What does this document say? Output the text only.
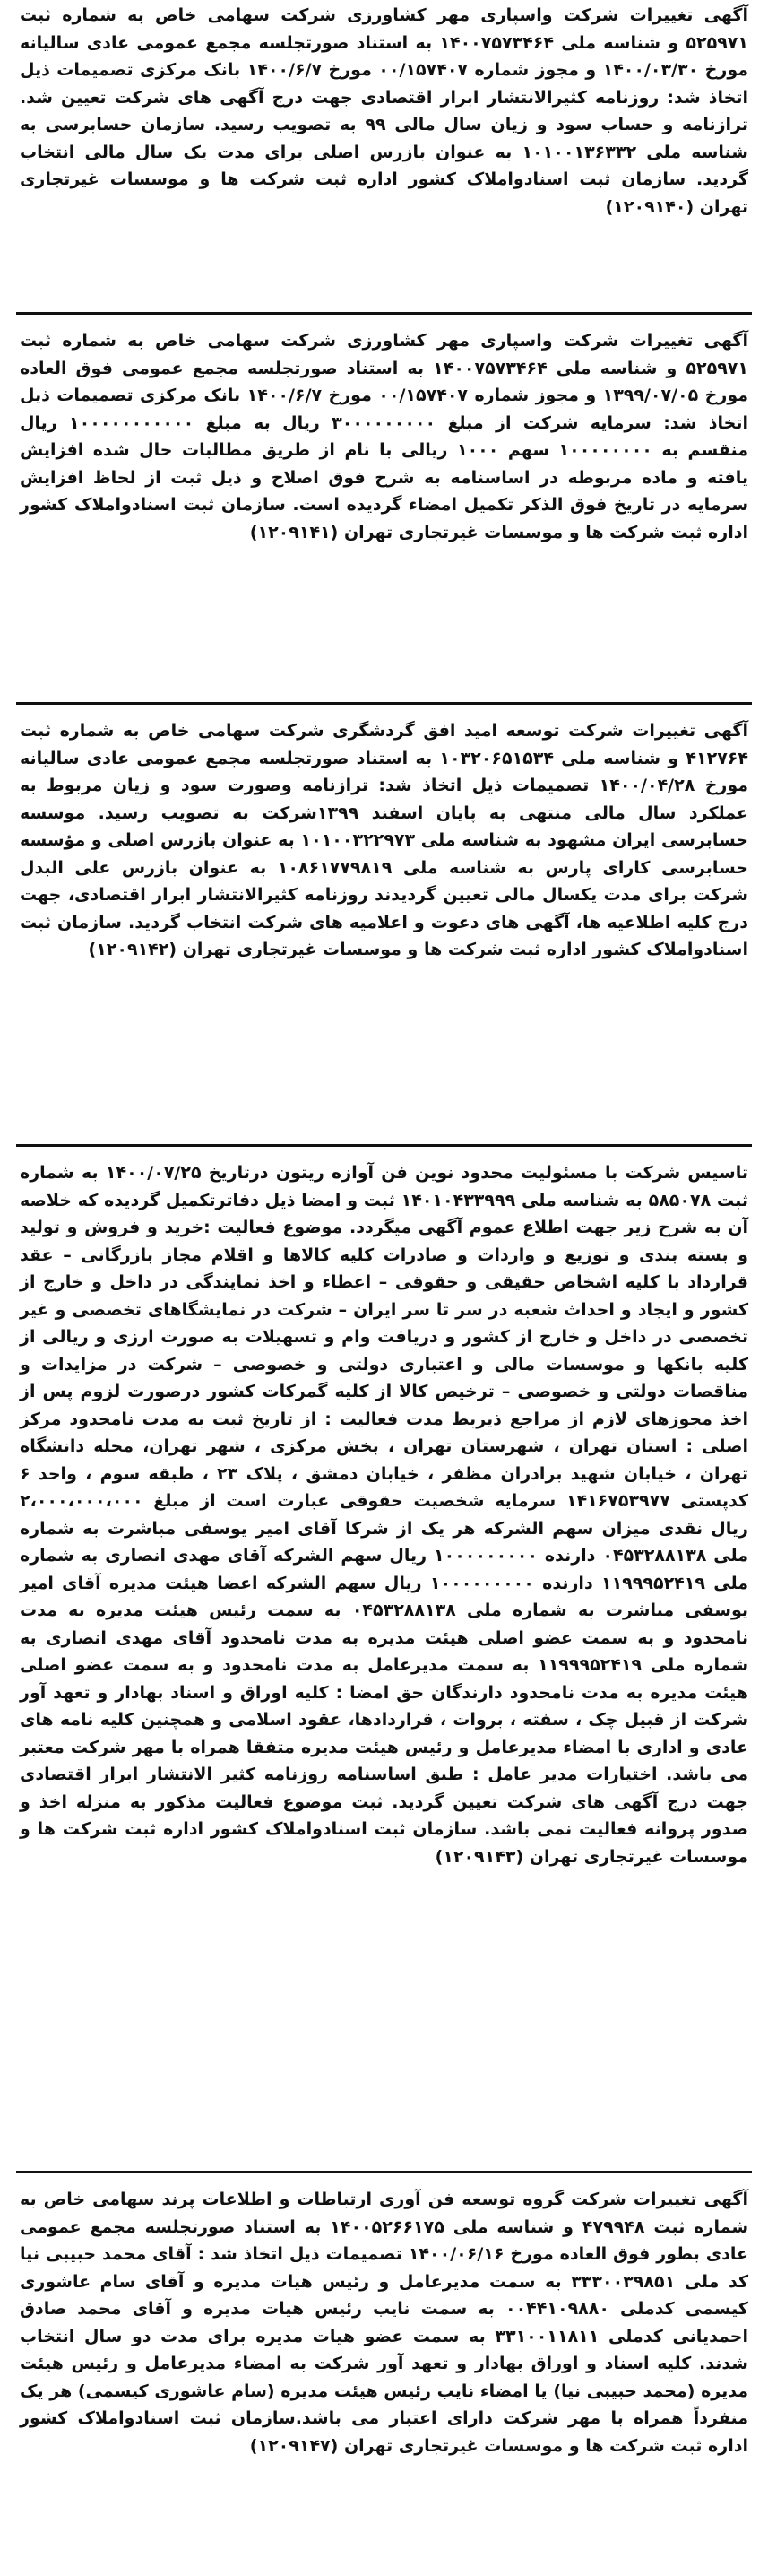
آگهی تغییرات شرکت واسپاری مهر کشاورزی شرکت سهامی خاص به شماره ثبت ۵۲۵۹۷۱ و شناسه ملی ۱۴۰۰۷۵۷۳۴۶۴ به استناد صورتجلسه مجمع عمومی عادی سالیانه مورخ ۱۴۰۰/۰۳/۳۰ و مجوز شماره ۰۰/۱۵۷۴۰۷ مورخ ۱۴۰۰/۶/۷ بانک مرکزی تصمیمات ذیل اتخاذ شد: روزنامه کثیرالانتشار ابرار اقتصادی جهت درج آگهی های شرکت تعیین شد. ترازنامه و حساب سود و زیان سال مالی ۹۹ به تصویب رسید. سازمان حسابرسی به شناسه ملی ۱۰۱۰۰۱۳۶۳۳۲ به عنوان بازرس اصلی برای مدت یک سال مالی انتخاب گردید. سازمان ثبت اسنادواملاک کشور اداره ثبت شرکت ها و موسسات غیرتجاری تهران (۱۲۰۹۱۴۰)

آگهی تغییرات شرکت واسپاری مهر کشاورزی شرکت سهامی خاص به شماره ثبت ۵۲۵۹۷۱ و شناسه ملی ۱۴۰۰۷۵۷۳۴۶۴ به استناد صورتجلسه مجمع عمومی فوق العاده مورخ ۱۳۹۹/۰۷/۰۵ و مجوز شماره ۰۰/۱۵۷۴۰۷ مورخ ۱۴۰۰/۶/۷ بانک مرکزی تصمیمات ذیل اتخاذ شد: سرمایه شرکت از مبلغ ۳۰۰۰۰۰۰۰۰۰ ریال به مبلغ ۱۰۰۰۰۰۰۰۰۰۰۰ ریال منقسم به ۱۰۰۰۰۰۰۰۰ سهم ۱۰۰۰ ریالی با نام از طریق مطالبات حال شده افزایش یافته و ماده مربوطه در اساسنامه به شرح فوق اصلاح و ذیل ثبت از لحاظ افزایش سرمایه در تاریخ فوق الذکر تکمیل امضاء گردیده است. سازمان ثبت اسنادواملاک کشور اداره ثبت شرکت ها و موسسات غیرتجاری تهران (۱۲۰۹۱۴۱)

آگهی تغییرات شرکت توسعه امید افق گردشگری شرکت سهامی خاص به شماره ثبت ۴۱۲۷۶۴ و شناسه ملی ۱۰۳۲۰۶۵۱۵۳۴ به استناد صورتجلسه مجمع عمومی عادی سالیانه مورخ ۱۴۰۰/۰۴/۲۸ تصمیمات ذیل اتخاذ شد: ترازنامه وصورت سود و زیان مربوط به عملکرد سال مالی منتهی به پایان اسفند ۱۳۹۹شرکت به تصویب رسید. موسسه حسابرسی ایران مشهود به شناسه ملی ۱۰۱۰۰۳۲۲۹۷۳ به عنوان بازرس اصلی و مؤسسه حسابرسی کارای پارس به شناسه ملی ۱۰۸۶۱۷۷۹۸۱۹ به عنوان بازرس علی البدل شرکت برای مدت یکسال مالی تعیین گردیدند روزنامه کثیرالانتشار ابرار اقتصادی، جهت درج کلیه اطلاعیه ها، آگهی های دعوت و اعلامیه های شرکت انتخاب گردید. سازمان ثبت اسنادواملاک کشور اداره ثبت شرکت ها و موسسات غیرتجاری تهران (۱۲۰۹۱۴۲)

تاسیس شرکت با مسئولیت محدود نوین فن آوازه ریتون درتاریخ ۱۴۰۰/۰۷/۲۵ به شماره ثبت ۵۸۵۰۷۸ به شناسه ملی ۱۴۰۱۰۴۳۳۹۹۹ ثبت و امضا ذیل دفاترتکمیل گردیده که خلاصه آن به شرح زیر جهت اطلاع عموم آگهی میگردد. موضوع فعالیت :خرید و فروش و تولید و بسته بندی و توزیع و واردات و صادرات کلیه کالاها و اقلام مجاز بازرگانی – عقد قرارداد با کلیه اشخاص حقیقی و حقوقی – اعطاء و اخذ نمایندگی در داخل و خارج از کشور و ایجاد و احداث شعبه در سر تا سر ایران – شرکت در نمایشگاهای تخصصی و غیر تخصصی در داخل و خارج از کشور و دریافت وام و تسهیلات به صورت ارزی و ریالی از کلیه بانکها و موسسات مالی و اعتباری دولتی و خصوصی – شرکت در مزایدات و مناقصات دولتی و خصوصی – ترخیص کالا از کلیه گمرکات کشور درصورت لزوم پس از اخذ مجوزهای لازم از مراجع ذیربط مدت فعالیت : از تاریخ ثبت به مدت نامحدود مرکز اصلی : استان تهران ، شهرستان تهران ، بخش مرکزی ، شهر تهران، محله دانشگاه تهران ، خیابان شهید برادران مظفر ، خیابان دمشق ، پلاک ۲۳ ، طبقه سوم ، واحد ۶ کدپستی ۱۴۱۶۷۵۳۹۷۷ سرمایه شخصیت حقوقی عبارت است از مبلغ ۲،۰۰۰،۰۰۰،۰۰۰ ریال نقدی میزان سهم الشرکه هر یک از شرکا آقای امیر یوسفی مباشرت به شماره ملی ۰۴۵۳۲۸۸۱۳۸ دارنده ۱۰۰۰۰۰۰۰۰۰ ریال سهم الشرکه آقای مهدی انصاری به شماره ملی ۱۱۹۹۹۵۲۴۱۹ دارنده ۱۰۰۰۰۰۰۰۰۰ ریال سهم الشرکه اعضا هیئت مدیره آقای امیر یوسفی مباشرت به شماره ملی ۰۴۵۳۲۸۸۱۳۸ به سمت رئیس هیئت مدیره به مدت نامحدود و به سمت عضو اصلی هیئت مدیره به مدت نامحدود آقای مهدی انصاری به شماره ملی ۱۱۹۹۹۵۲۴۱۹ به سمت مدیرعامل به مدت نامحدود و به سمت عضو اصلی هیئت مدیره به مدت نامحدود دارندگان حق امضا : کلیه اوراق و اسناد بهادار و تعهد آور شرکت از قبیل چک ، سفته ، بروات ، قراردادها، عقود اسلامی و همچنین کلیه نامه های عادی و اداری با امضاء مدیرعامل و رئیس هیئت مدیره متفقا همراه با مهر شرکت معتبر می باشد. اختیارات مدیر عامل : طبق اساسنامه روزنامه کثیر الانتشار ابرار اقتصادی جهت درج آگهی های شرکت تعیین گردید. ثبت موضوع فعالیت مذکور به منزله اخذ و صدور پروانه فعالیت نمی باشد. سازمان ثبت اسنادواملاک کشور اداره ثبت شرکت ها و موسسات غیرتجاری تهران (۱۲۰۹۱۴۳)

آگهی تغییرات شرکت گروه توسعه فن آوری ارتباطات و اطلاعات پرند سهامی خاص به شماره ثبت ۴۷۹۹۴۸ و شناسه ملی ۱۴۰۰۵۲۶۶۱۷۵ به استناد صورتجلسه مجمع عمومی عادی بطور فوق العاده مورخ ۱۴۰۰/۰۶/۱۶ تصمیمات ذیل اتخاذ شد : آقای محمد حبیبی نیا کد ملی ۳۳۳۰۰۳۹۸۵۱ به سمت مدیرعامل و رئیس هیات مدیره و آقای سام عاشوری کیسمی کدملی ۰۰۴۴۱۰۹۸۸۰ به سمت نایب رئیس هیات مدیره و آقای محمد صادق احمدیانی کدملی ۳۳۱۰۰۱۱۸۱۱ به سمت عضو هیات مدیره برای مدت دو سال انتخاب شدند. کلیه اسناد و اوراق بهادار و تعهد آور شرکت به امضاء مدیرعامل و رئیس هیئت مدیره (محمد حبیبی نیا) یا امضاء نایب رئیس هیئت مدیره (سام عاشوری کیسمی) هر یک منفرداً همراه با مهر شرکت دارای اعتبار می باشد.سازمان ثبت اسنادواملاک کشور اداره ثبت شرکت ها و موسسات غیرتجاری تهران (۱۲۰۹۱۴۷)
